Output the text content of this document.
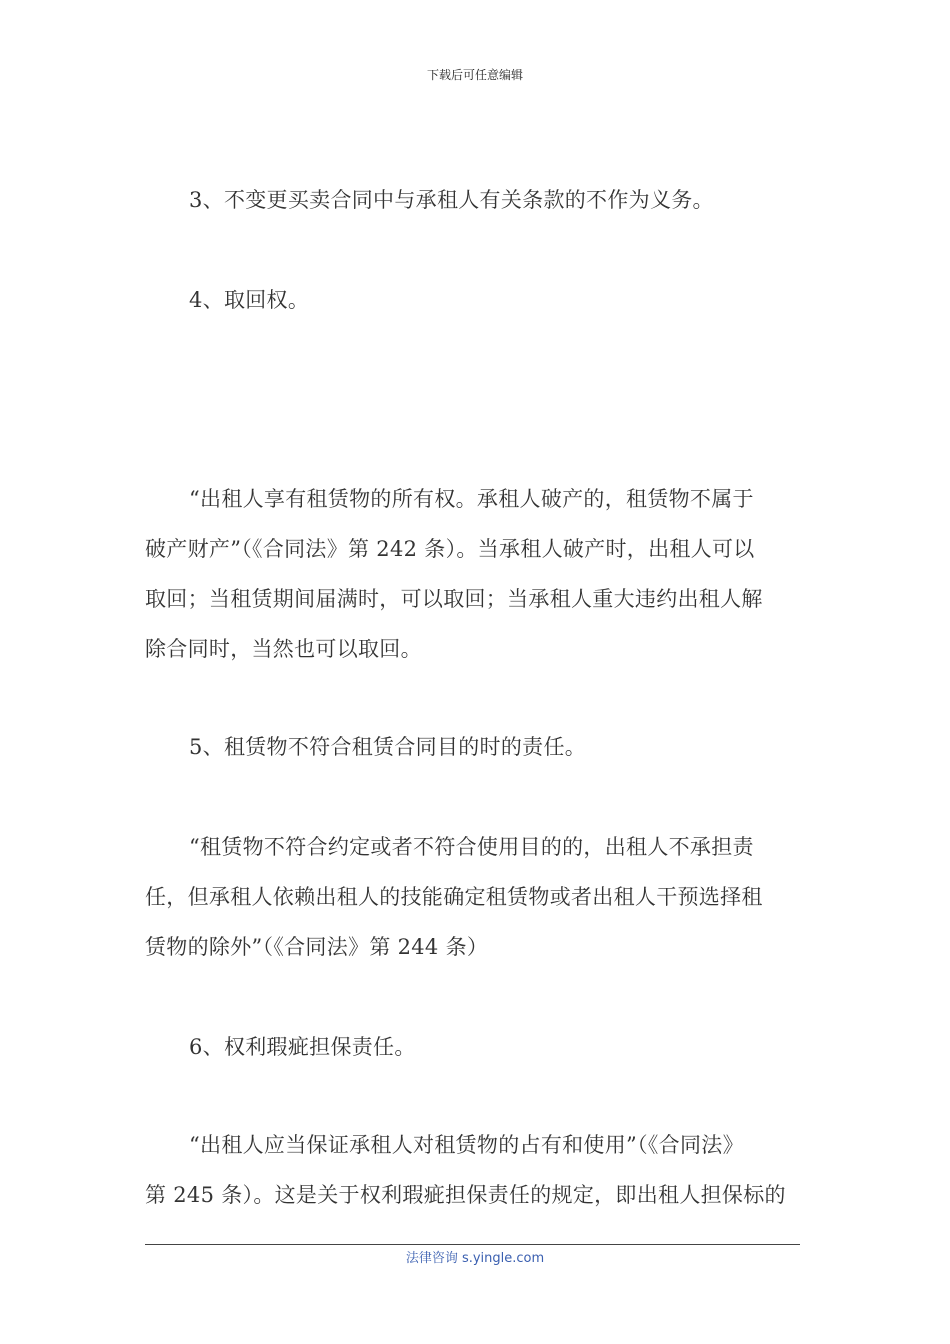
下载后可任意编辑
3、不变更买卖合同中与承租人有关条款的不作为义务。
4、取回权。
“出租人享有租赁物的所有权。承租人破产的，租赁物不属于
破产财产”（《合同法》第 242 条）。当承租人破产时，出租人可以
取回；当租赁期间届满时，可以取回；当承租人重大违约出租人解
除合同时，当然也可以取回。
5、租赁物不符合租赁合同目的时的责任。
“租赁物不符合约定或者不符合使用目的的，出租人不承担责
任，但承租人依赖出租人的技能确定租赁物或者出租人干预选择租
赁物的除外”（《合同法》第 244 条）
6、权利瑕疵担保责任。
“出租人应当保证承租人对租赁物的占有和使用”（《合同法》
第 245 条）。这是关于权利瑕疵担保责任的规定，即出租人担保标的
法律咨询 s.yingle.com
